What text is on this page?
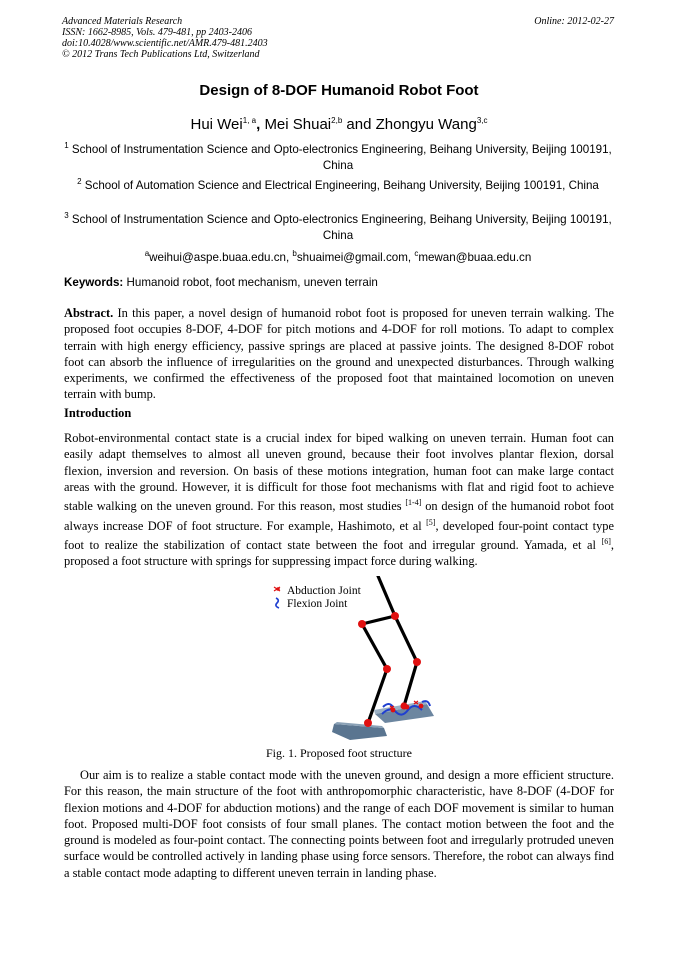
Advanced Materials Research
ISSN: 1662-8985, Vols. 479-481, pp 2403-2406
doi:10.4028/www.scientific.net/AMR.479-481.2403
© 2012 Trans Tech Publications Ltd, Switzerland
Online: 2012-02-27
Design of 8-DOF Humanoid Robot Foot
Hui Wei$^{1, a}$, Mei Shuai$^{2,b}$ and Zhongyu Wang$^{3,c}$
$^1$ School of Instrumentation Science and Opto-electronics Engineering, Beihang University, Beijing 100191, China
$^2$ School of Automation Science and Electrical Engineering, Beihang University, Beijing 100191, China
$^3$ School of Instrumentation Science and Opto-electronics Engineering, Beihang University, Beijing 100191, China
$^a$weihui@aspe.buaa.edu.cn, $^b$shuaimei@gmail.com, $^c$mewan@buaa.edu.cn
Keywords: Humanoid robot, foot mechanism, uneven terrain
Abstract. In this paper, a novel design of humanoid robot foot is proposed for uneven terrain walking. The proposed foot occupies 8-DOF, 4-DOF for pitch motions and 4-DOF for roll motions. To adapt to complex terrain with high energy efficiency, passive springs are placed at passive joints. The designed 8-DOF robot foot can absorb the influence of irregularities on the ground and unexpected disturbances. Through walking experiments, we confirmed the effectiveness of the proposed foot that maintained locomotion on uneven terrain with bump.
Introduction
Robot-environmental contact state is a crucial index for biped walking on uneven terrain. Human foot can easily adapt themselves to almost all uneven ground, because their foot involves plantar flexion, dorsal flexion, inversion and reversion. On basis of these motions integration, human foot can make large contact areas with the ground. However, it is difficult for those foot mechanisms with flat and rigid foot to achieve stable walking on the uneven ground. For this reason, most studies [1-4] on design of the humanoid robot foot always increase DOF of foot structure. For example, Hashimoto, et al [5], developed four-point contact type foot to realize the stabilization of contact state between the foot and irregular ground. Yamada, et al [6], proposed a foot structure with springs for suppressing impact force during walking.
Abduction Joint
Flexion Joint
Fig. 1. Proposed foot structure
Our aim is to realize a stable contact mode with the uneven ground, and design a more efficient structure. For this reason, the main structure of the foot with anthropomorphic characteristic, have 8-DOF (4-DOF for flexion motions and 4-DOF for abduction motions) and the range of each DOF movement is similar to human foot. Proposed multi-DOF foot consists of four small planes. The contact motion between the foot and the ground is modeled as four-point contact. The connecting points between foot and irregularly protruded uneven surface would be controlled actively in landing phase using force sensors. Therefore, the robot can always find a stable contact mode adapting to different uneven terrain in landing phase.
